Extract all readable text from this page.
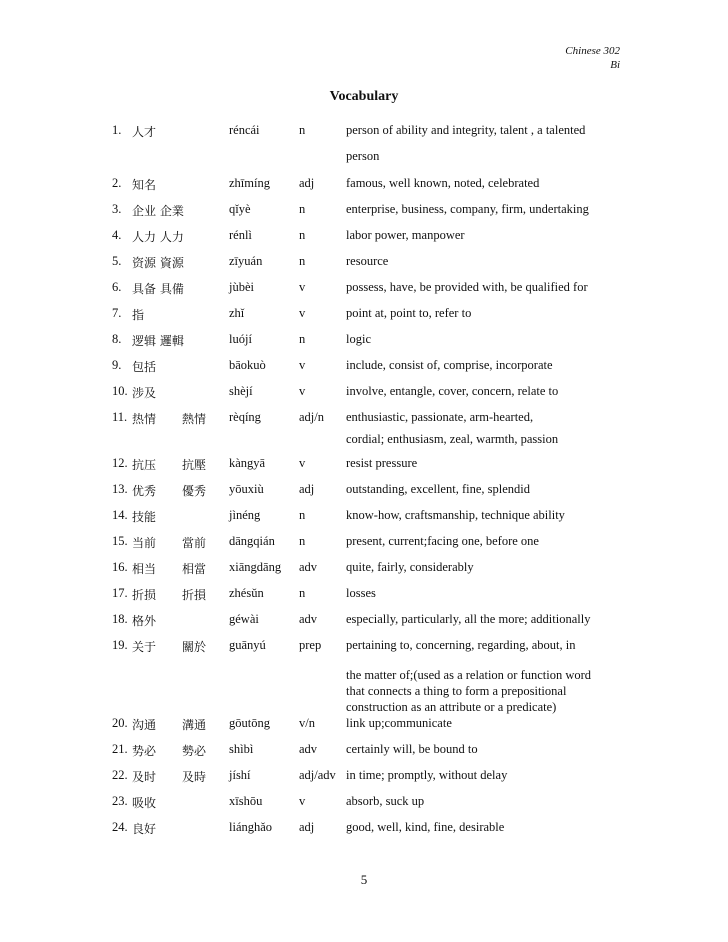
Chinese 302
Bi
Vocabulary
1. 人才	réncái	n	person of ability and integrity, talent , a talented
person
2. 知名	zhīmíng adj	famous, well known, noted, celebrated
3. 企业 企業	qǐyè	n	enterprise, business, company, firm, undertaking
4. 人力 人力	rénlì	n	labor power, manpower
5. 资源 資源	zīyuán	n	resource
6. 具备 具備	jùbèi	v	possess, have, be provided with, be qualified for
7. 指	zhǐ	v	point at, point to, refer to
8. 逻辑 邏輯	luójí	n	logic
9. 包括	bāokuò	v	include, consist of, comprise, incorporate
10. 涉及	shèjí	v	involve, entangle, cover, concern, relate to
11. 热情 熱情 rèqíng	adj/n enthusiastic, passionate, arm-hearted,
cordial; enthusiasm, zeal, warmth, passion
12. 抗压 抗壓 kàngyā	v	resist pressure
13. 优秀 優秀 yōuxiù	adj	outstanding, excellent, fine, splendid
14. 技能	jìnéng	n	know-how, craftsmanship, technique ability
15. 当前 當前 dāngqián n	present, current;facing one, before one
16. 相当 相當 xiāngdāng adv quite, fairly, considerably
17. 折损 折損 zhésǔn	n	losses
18. 格外	géwài	adv especially, particularly, all the more; additionally
19. 关于 關於 guānyú	prep pertaining to, concerning, regarding, about, in
the matter of;(used as a relation or function word
that connects a thing to form a prepositional
construction as an attribute or a predicate)
20. 沟通 溝通 gōutōng v/n link up;communicate
21. 势必 勢必 shìbì	adv certainly will, be bound to
22. 及时 及時 jíshí	adj/adv in time; promptly, without delay
23. 吸收	xīshōu	v	absorb, suck up
24. 良好	liánghǎo adj	good, well, kind, fine, desirable
5
